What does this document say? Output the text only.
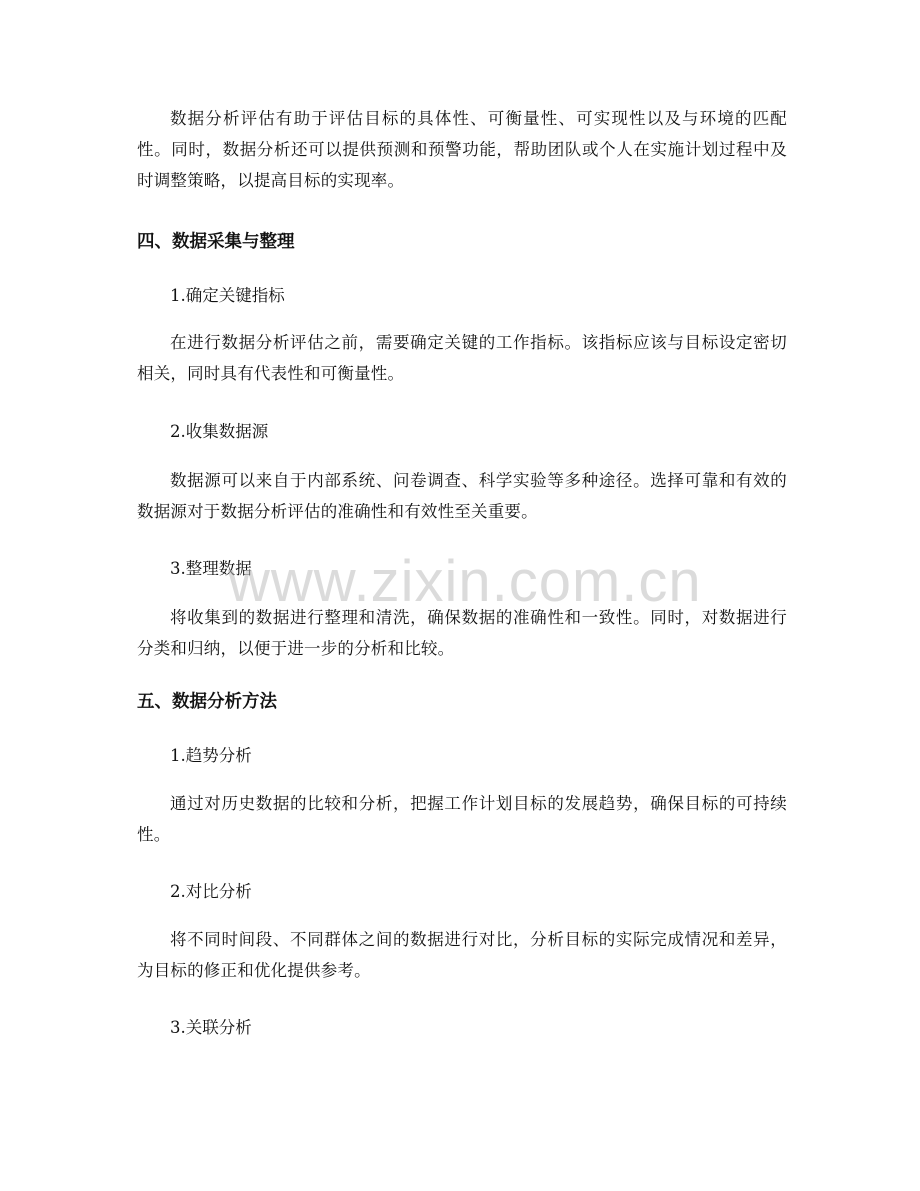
数据分析评估有助于评估目标的具体性、可衡量性、可实现性以及与环境的匹配性。同时，数据分析还可以提供预测和预警功能，帮助团队或个人在实施计划过程中及时调整策略，以提高目标的实现率。

四、数据采集与整理

1.确定关键指标

在进行数据分析评估之前，需要确定关键的工作指标。该指标应该与目标设定密切相关，同时具有代表性和可衡量性。

2.收集数据源

数据源可以来自于内部系统、问卷调查、科学实验等多种途径。选择可靠和有效的数据源对于数据分析评估的准确性和有效性至关重要。

3.整理数据

将收集到的数据进行整理和清洗，确保数据的准确性和一致性。同时，对数据进行分类和归纳，以便于进一步的分析和比较。

五、数据分析方法

1.趋势分析

通过对历史数据的比较和分析，把握工作计划目标的发展趋势，确保目标的可持续性。

2.对比分析

将不同时间段、不同群体之间的数据进行对比，分析目标的实际完成情况和差异，为目标的修正和优化提供参考。

3.关联分析

www.zixin.com.cn
